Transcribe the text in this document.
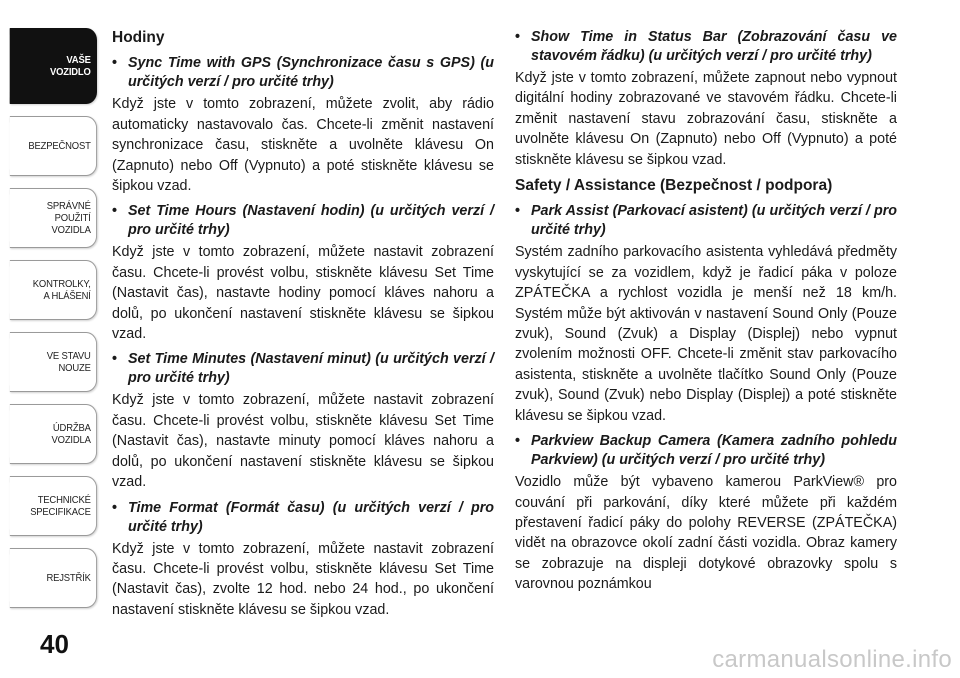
VAŠE
VOZIDLO
BEZPEČNOST
SPRÁVNÉ
POUŽITÍ
VOZIDLA
KONTROLKY,
A HLÁŠENÍ
VE STAVU
NOUZE
ÚDRŽBA
VOZIDLA
TECHNICKÉ
SPECIFIKACE
REJSTŘÍK
40
Hodiny
• Sync Time with GPS (Synchronizace času s GPS) (u určitých verzí / pro určité trhy)
Když jste v tomto zobrazení, můžete zvolit, aby rádio automaticky nastavovalo čas. Chcete-li změnit nastavení synchronizace času, stiskněte a uvolněte klávesu On (Zapnuto) nebo Off (Vypnuto) a poté stiskněte klávesu se šipkou vzad.
• Set Time Hours (Nastavení hodin) (u určitých verzí / pro určité trhy)
Když jste v tomto zobrazení, můžete nastavit zobrazení času. Chcete-li provést volbu, stiskněte klávesu Set Time (Nastavit čas), nastavte hodiny pomocí kláves nahoru a dolů, po ukončení nastavení stiskněte klávesu se šipkou vzad.
• Set Time Minutes (Nastavení minut) (u určitých verzí / pro určité trhy)
Když jste v tomto zobrazení, můžete nastavit zobrazení času. Chcete-li provést volbu, stiskněte klávesu Set Time (Nastavit čas), nastavte minuty pomocí kláves nahoru a dolů, po ukončení nastavení stiskněte klávesu se šipkou vzad.
• Time Format (Formát času) (u určitých verzí / pro určité trhy)
Když jste v tomto zobrazení, můžete nastavit zobrazení času. Chcete-li provést volbu, stiskněte klávesu Set Time (Nastavit čas), zvolte 12 hod. nebo 24 hod., po ukončení nastavení stiskněte klávesu se šipkou vzad.
• Show Time in Status Bar (Zobrazování času ve stavovém řádku) (u určitých verzí / pro určité trhy)
Když jste v tomto zobrazení, můžete zapnout nebo vypnout digitální hodiny zobrazované ve stavovém řádku. Chcete-li změnit nastavení stavu zobrazování času, stiskněte a uvolněte klávesu On (Zapnuto) nebo Off (Vypnuto) a poté stiskněte klávesu se šipkou vzad.
Safety / Assistance (Bezpečnost / podpora)
• Park Assist (Parkovací asistent) (u určitých verzí / pro určité trhy)
Systém zadního parkovacího asistenta vyhledává předměty vyskytující se za vozidlem, když je řadicí páka v poloze ZPÁTEČKA a rychlost vozidla je menší než 18 km/h. Systém může být aktivován v nastavení Sound Only (Pouze zvuk), Sound (Zvuk) a Display (Displej) nebo vypnut zvolením možnosti OFF. Chcete-li změnit stav parkovacího asistenta, stiskněte a uvolněte tlačítko Sound Only (Pouze zvuk), Sound (Zvuk) nebo Display (Displej) a poté stiskněte klávesu se šipkou vzad.
• Parkview Backup Camera (Kamera zadního pohledu Parkview) (u určitých verzí / pro určité trhy)
Vozidlo může být vybaveno kamerou ParkView® pro couvání při parkování, díky které můžete při každém přestavení řadicí páky do polohy REVERSE (ZPÁTEČKA) vidět na obrazovce okolí zadní části vozidla. Obraz kamery se zobrazuje na displeji dotykové obrazovky spolu s varovnou poznámkou
carmanualsonline.info
